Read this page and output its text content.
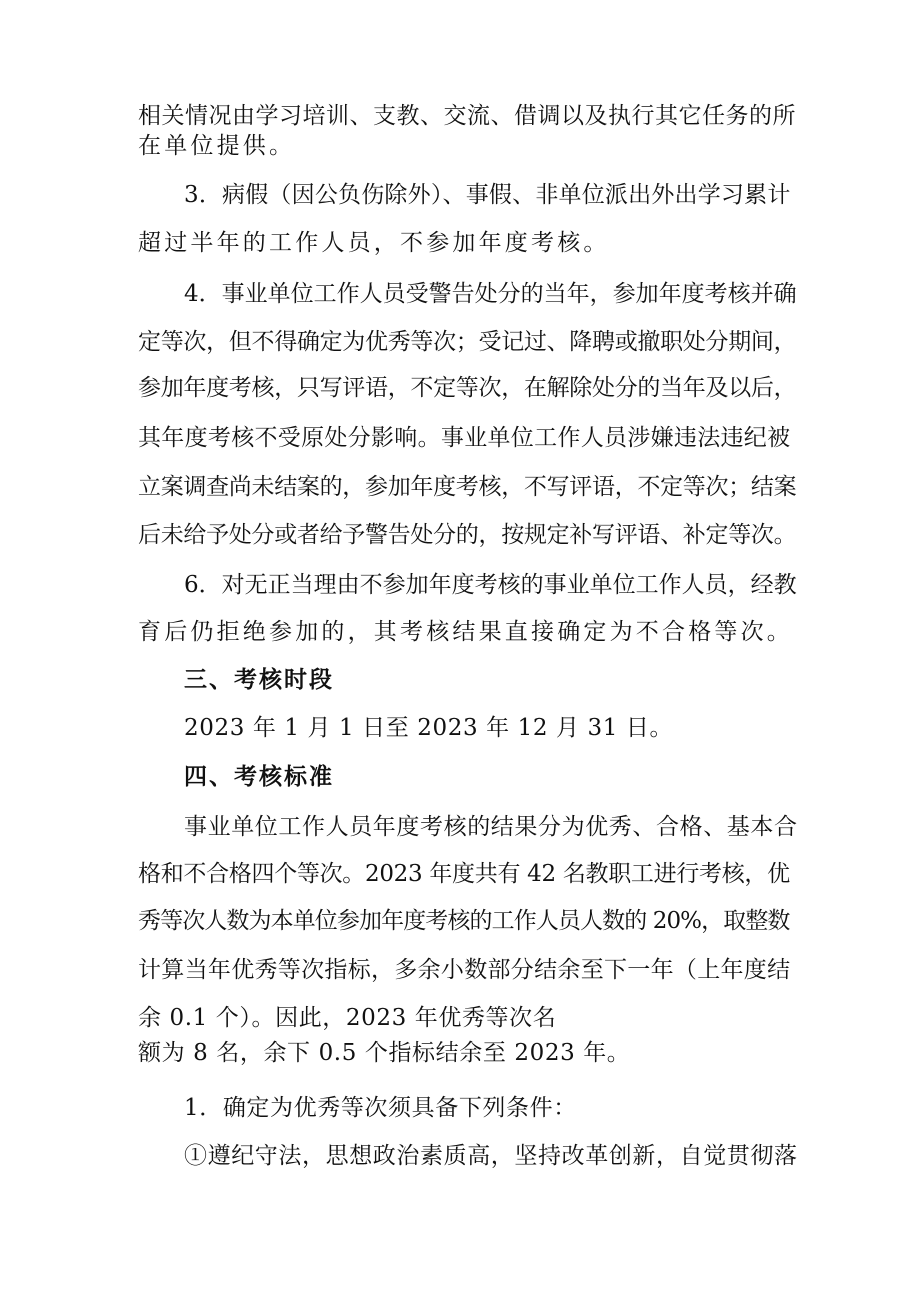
相关情况由学习培训、支教、交流、借调以及执行其它任务的所
在单位提供。
3．病假（因公负伤除外）、事假、非单位派出外出学习累计
超过半年的工作人员，不参加年度考核。
4．事业单位工作人员受警告处分的当年，参加年度考核并确
定等次，但不得确定为优秀等次；受记过、降聘或撤职处分期间，
参加年度考核，只写评语，不定等次，在解除处分的当年及以后，
其年度考核不受原处分影响。事业单位工作人员涉嫌违法违纪被
立案调查尚未结案的，参加年度考核，不写评语，不定等次；结案
后未给予处分或者给予警告处分的，按规定补写评语、补定等次。
6．对无正当理由不参加年度考核的事业单位工作人员，经教
育后仍拒绝参加的，其考核结果直接确定为不合格等次。
三、考核时段
2023 年 1 月 1 日至 2023 年 12 月 31 日。
四、考核标准
事业单位工作人员年度考核的结果分为优秀、合格、基本合
格和不合格四个等次。2023 年度共有 42 名教职工进行考核，优
秀等次人数为本单位参加年度考核的工作人员人数的 20%，取整数
计算当年优秀等次指标，多余小数部分结余至下一年（上年度结
余 0.1 个）。因此，2023 年优秀等次名
额为 8 名，余下 0.5 个指标结余至 2023 年。
1．确定为优秀等次须具备下列条件：
①遵纪守法，思想政治素质高，坚持改革创新，自觉贯彻落
